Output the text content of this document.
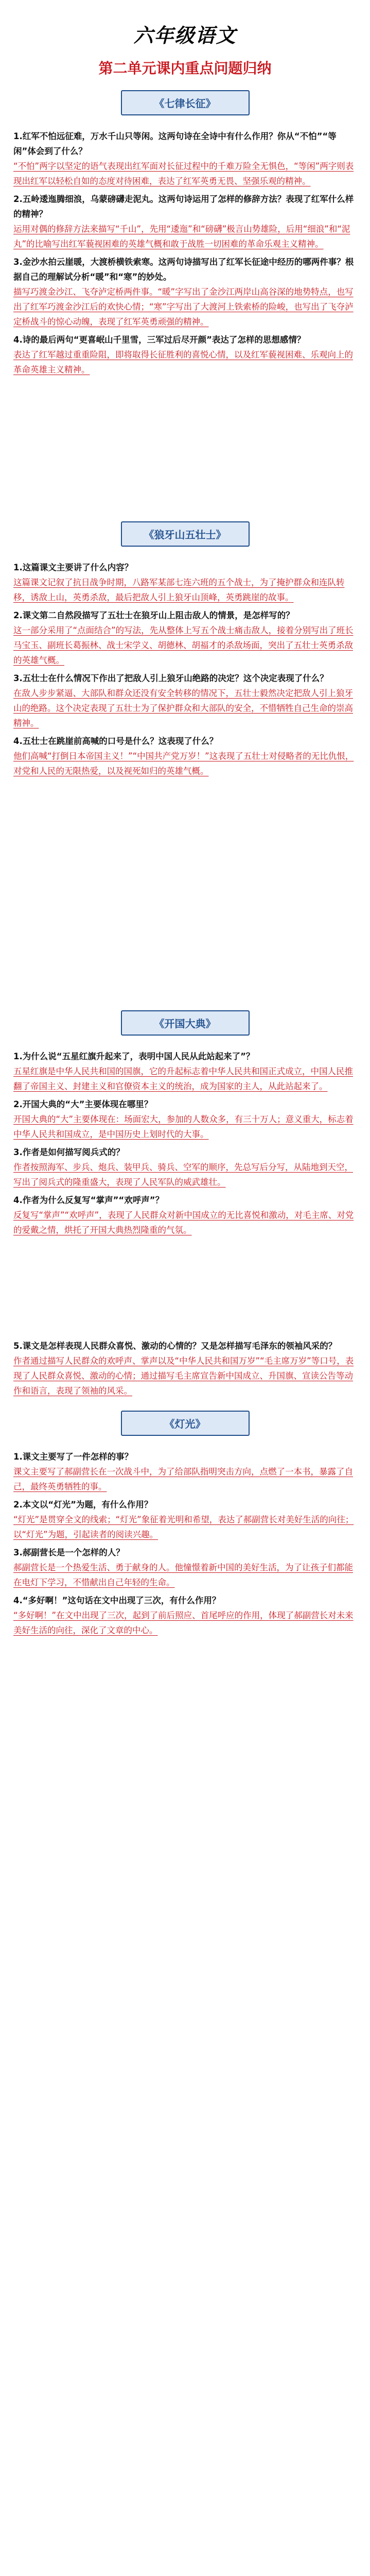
六年级语文
第二单元课内重点问题归纳
《七律长征》

1.红军不怕远征难，万水千山只等闲。这两句诗在全诗中有什么作用？你从“不怕”“等闲”体会到了什么？

“不怕”两字以坚定的语气表现出红军面对长征过程中的千难万险全无惧色，“等闲”两字则表现出红军以轻松自如的态度对待困难，表达了红军英勇无畏、坚强乐观的精神。

2.五岭逶迤腾细浪，乌蒙磅礴走泥丸。这两句诗运用了怎样的修辞方法？表现了红军什么样的精神？

运用对偶的修辞方法来描写“千山”，先用“逶迤”和“磅礴”极言山势雄险，后用“细浪”和“泥丸”的比喻写出红军藐视困难的英雄气概和敢于战胜一切困难的革命乐观主义精神。

3.金沙水拍云崖暖，大渡桥横铁索寒。这两句诗描写出了红军长征途中经历的哪两件事？根据自己的理解试分析“暖”和“寒”的妙处。

描写巧渡金沙江、飞夺泸定桥两件事。“暖”字写出了金沙江两岸山高谷深的地势特点，也写出了红军巧渡金沙江后的欢快心情；“寒”字写出了大渡河上铁索桥的险峻，也写出了飞夺泸定桥战斗的惊心动魄，表现了红军英勇顽强的精神。

4.诗的最后两句“更喜岷山千里雪，三军过后尽开颜”表达了怎样的思想感情？

表达了红军越过重重险阻，即将取得长征胜利的喜悦心情，以及红军藐视困难、乐观向上的革命英雄主义精神。

《狼牙山五壮士》

1.这篇课文主要讲了什么内容？

这篇课文记叙了抗日战争时期，八路军某部七连六班的五个战士，为了掩护群众和连队转移，诱敌上山，英勇杀敌，最后把敌人引上狼牙山顶峰，英勇跳崖的故事。

2.课文第二自然段描写了五壮士在狼牙山上阻击敌人的情景，是怎样写的？

这一部分采用了“点面结合”的写法，先从整体上写五个战士痛击敌人，接着分别写出了班长马宝玉、副班长葛振林、战士宋学义、胡德林、胡福才的杀敌场面，突出了五壮士英勇杀敌的英雄气概。

3.五壮士在什么情况下作出了把敌人引上狼牙山绝路的决定？这个决定表现了什么？

在敌人步步紧逼、大部队和群众还没有安全转移的情况下，五壮士毅然决定把敌人引上狼牙山的绝路。这个决定表现了五壮士为了保护群众和大部队的安全，不惜牺牲自己生命的崇高精神。

4.五壮士在跳崖前高喊的口号是什么？这表现了什么？

他们高喊“打倒日本帝国主义！”“中国共产党万岁！”这表现了五壮士对侵略者的无比仇恨，对党和人民的无限热爱，以及视死如归的英雄气概。

《开国大典》

1.为什么说“五星红旗升起来了，表明中国人民从此站起来了”？

五星红旗是中华人民共和国的国旗，它的升起标志着中华人民共和国正式成立，中国人民推翻了帝国主义、封建主义和官僚资本主义的统治，成为国家的主人，从此站起来了。

2.开国大典的“大”主要体现在哪里？

开国大典的“大”主要体现在：场面宏大，参加的人数众多，有三十万人；意义重大，标志着中华人民共和国成立，是中国历史上划时代的大事。

3.作者是如何描写阅兵式的？

作者按照海军、步兵、炮兵、装甲兵、骑兵、空军的顺序，先总写后分写，从陆地到天空，写出了阅兵式的隆重盛大，表现了人民军队的威武雄壮。

4.作者为什么反复写“掌声”“欢呼声”？

反复写“掌声”“欢呼声”，表现了人民群众对新中国成立的无比喜悦和激动，对毛主席、对党的爱戴之情，烘托了开国大典热烈隆重的气氛。

5.课文是怎样表现人民群众喜悦、激动的心情的？又是怎样描写毛泽东的领袖风采的？

作者通过描写人民群众的欢呼声、掌声以及“中华人民共和国万岁”“毛主席万岁”等口号，表现了人民群众喜悦、激动的心情；通过描写毛主席宣告新中国成立、升国旗、宣读公告等动作和语言，表现了领袖的风采。

《灯光》

1.课文主要写了一件怎样的事？

课文主要写了郝副营长在一次战斗中，为了给部队指明突击方向，点燃了一本书，暴露了自己，最终英勇牺牲的事。

2.本文以“灯光”为题，有什么作用？

“灯光”是贯穿全文的线索；“灯光”象征着光明和希望，表达了郝副营长对美好生活的向往；以“灯光”为题，引起读者的阅读兴趣。

3.郝副营长是一个怎样的人？

郝副营长是一个热爱生活、勇于献身的人。他憧憬着新中国的美好生活，为了让孩子们都能在电灯下学习，不惜献出自己年轻的生命。

4.“多好啊！”这句话在文中出现了三次，有什么作用？

“多好啊！”在文中出现了三次，起到了前后照应、首尾呼应的作用，体现了郝副营长对未来美好生活的向往，深化了文章的中心。
